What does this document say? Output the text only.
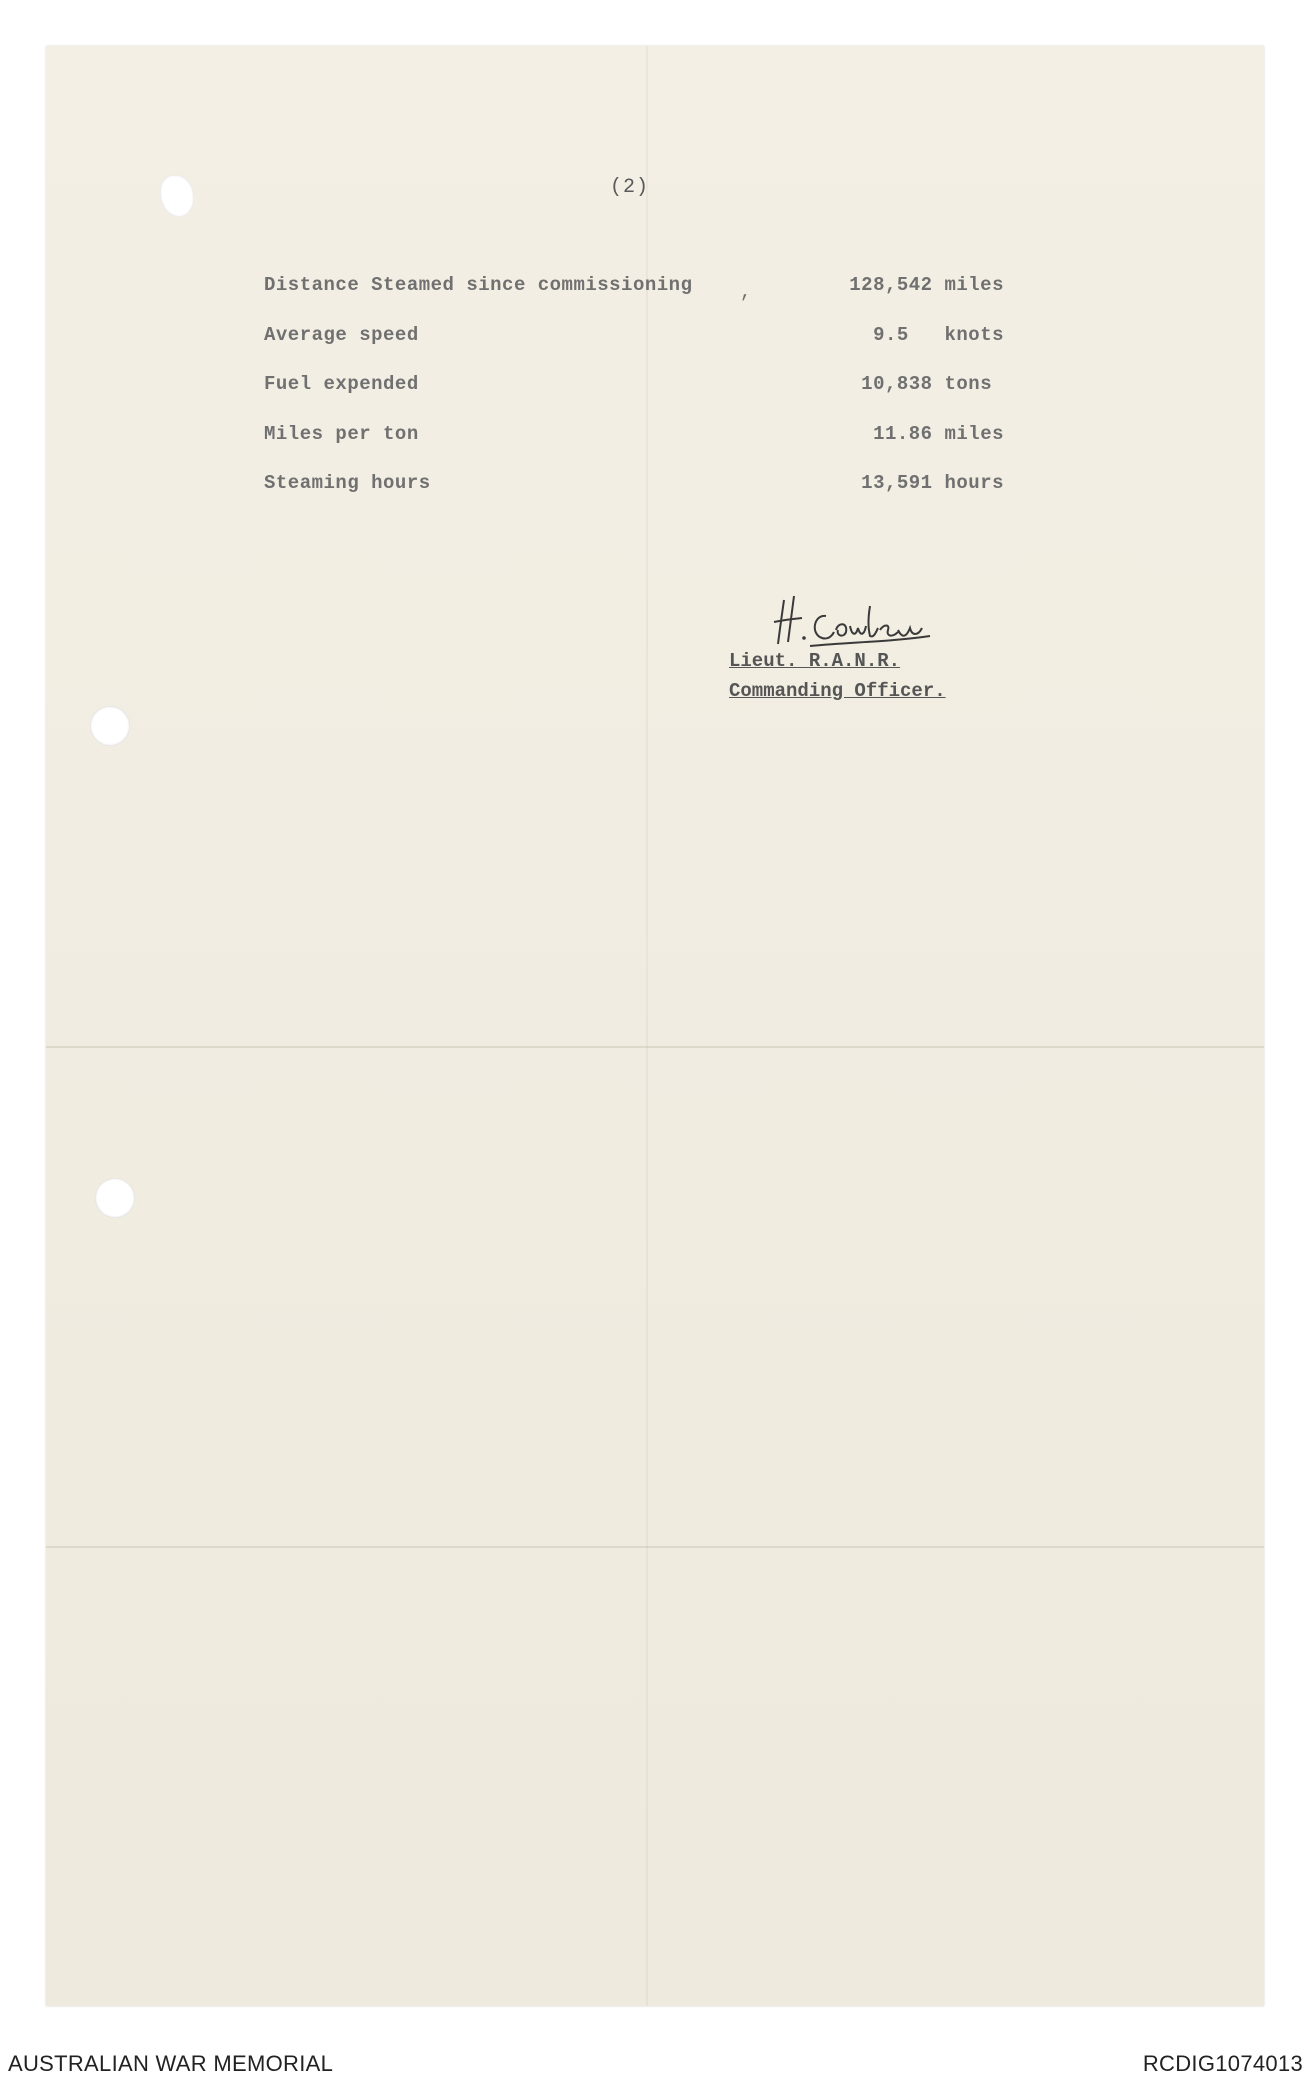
(2)
,
Distance Steamed since commissioning	128,542 miles
Average speed	9.5   knots
Fuel expended	10,838 tons
Miles per ton	11.86 miles
Steaming hours	13,591 hours
H. Cowley
Lieut. R.A.N.R.
Commanding Officer.
AUSTRALIAN WAR MEMORIAL	RCDIG1074013
